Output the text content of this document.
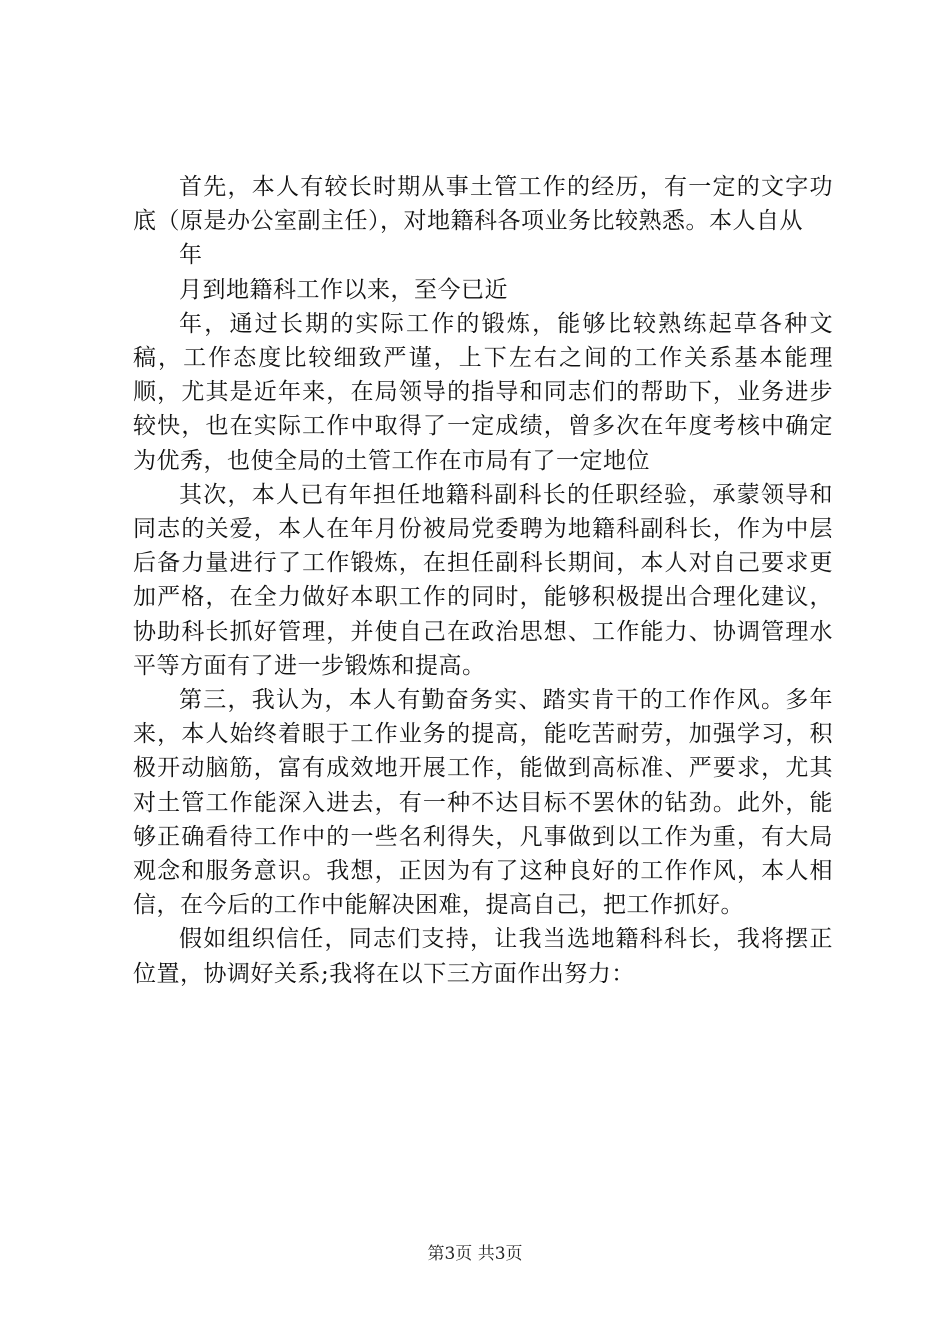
首先，本人有较长时期从事土管工作的经历，有一定的文字功底（原是办公室副主任），对地籍科各项业务比较熟悉。本人自从

年

月到地籍科工作以来，至今已近

年，通过长期的实际工作的锻炼，能够比较熟练起草各种文稿，工作态度比较细致严谨，上下左右之间的工作关系基本能理顺，尤其是近年来，在局领导的指导和同志们的帮助下，业务进步较快，也在实际工作中取得了一定成绩，曾多次在年度考核中确定为优秀，也使全局的土管工作在市局有了一定地位

其次，本人已有年担任地籍科副科长的任职经验，承蒙领导和同志的关爱，本人在年月份被局党委聘为地籍科副科长，作为中层后备力量进行了工作锻炼，在担任副科长期间，本人对自己要求更加严格，在全力做好本职工作的同时，能够积极提出合理化建议，协助科长抓好管理，并使自己在政治思想、工作能力、协调管理水平等方面有了进一步锻炼和提高。

第三，我认为，本人有勤奋务实、踏实肯干的工作作风。多年来，本人始终着眼于工作业务的提高，能吃苦耐劳，加强学习，积极开动脑筋，富有成效地开展工作，能做到高标准、严要求，尤其对土管工作能深入进去，有一种不达目标不罢休的钻劲。此外，能够正确看待工作中的一些名利得失，凡事做到以工作为重，有大局观念和服务意识。我想，正因为有了这种良好的工作作风，本人相信，在今后的工作中能解决困难，提高自己，把工作抓好。

假如组织信任，同志们支持，让我当选地籍科科长，我将摆正位置，协调好关系;我将在以下三方面作出努力：

第3页 共3页
